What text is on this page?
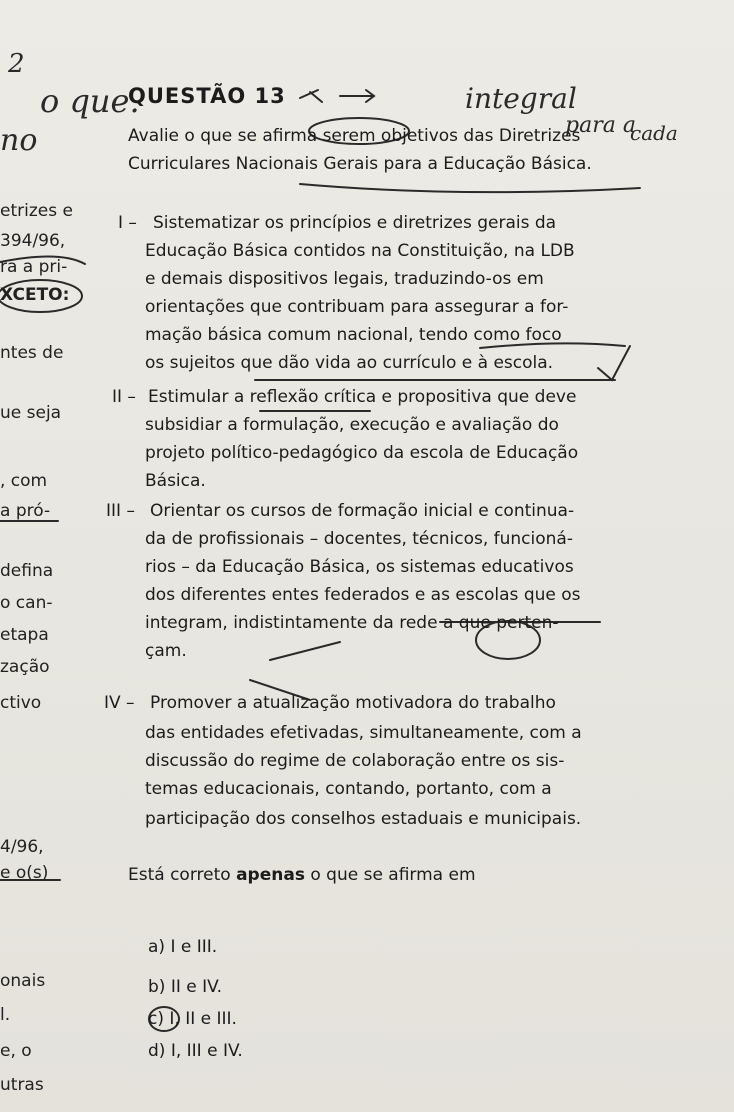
2
o que.	integral
para a
cada
no
QUESTÃO 13
Avalie o que se afirma serem objetivos das Diretrizes
Curriculares Nacionais Gerais para a Educação Básica.
I – Sistematizar os princípios e diretrizes gerais da
Educação Básica contidos na Constituição, na LDB
e demais dispositivos legais, traduzindo-os em
orientações que contribuam para assegurar a for-
mação básica comum nacional, tendo como foco
os sujeitos que dão vida ao currículo e à escola.
II – Estimular a reflexão crítica e propositiva que deve
subsidiar a formulação, execução e avaliação do
projeto político-pedagógico da escola de Educação
Básica.
III – Orientar os cursos de formação inicial e continua-
da de profissionais – docentes, técnicos, funcioná-
rios – da Educação Básica, os sistemas educativos
dos diferentes entes federados e as escolas que os
integram, indistintamente da rede a que perten-
çam.
IV – Promover a atualização motivadora do trabalho
das entidades efetivadas, simultaneamente, com a
discussão do regime de colaboração entre os sis-
temas educacionais, contando, portanto, com a
participação dos conselhos estaduais e municipais.
Está correto apenas o que se afirma em
a) I e III.
b) II e IV.
c) I, II e III.
d) I, III e IV.
etrizes e
394/96,
ra a pri-
XCETO:
ntes de
ue seja
, com
a pró-
defina
o can-
etapa
zação
ctivo
4/96,
e o(s)
onais
l.
e, o
utras
